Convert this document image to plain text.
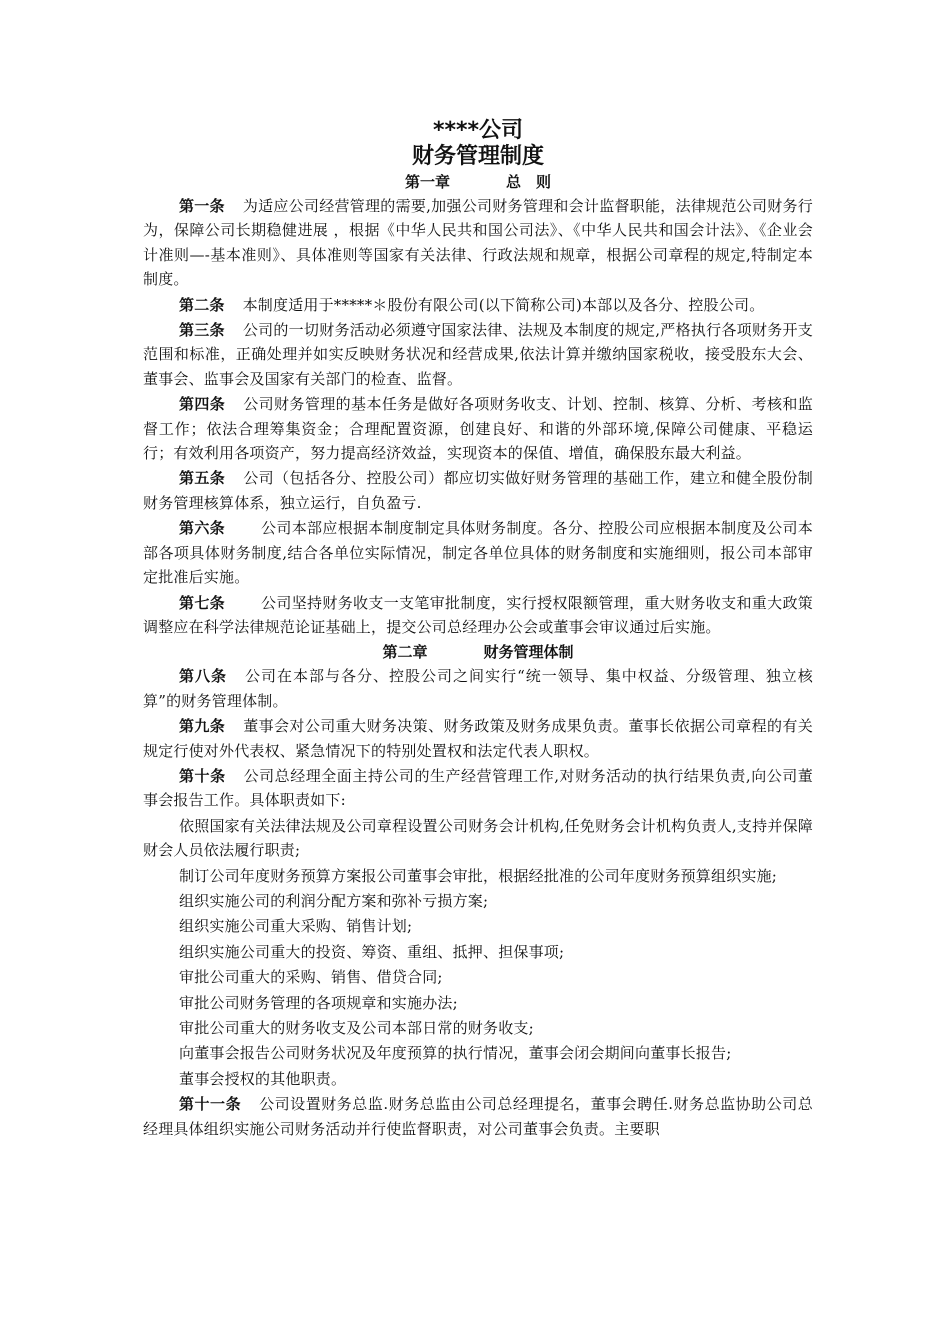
****公司
财务管理制度
第一章	总　则

第一条 为适应公司经营管理的需要,加强公司财务管理和会计监督职能，法律规范公司财务行为，保障公司长期稳健进展 ，根据《中华人民共和国公司法》、《中华人民共和国会计法》、《企业会计准则—-基本准则》、具体准则等国家有关法律、行政法规和规章，根据公司章程的规定,特制定本制度。

第二条 本制度适用于*****＊股份有限公司(以下简称公司)本部以及各分、控股公司。

第三条 公司的一切财务活动必须遵守国家法律、法规及本制度的规定,严格执行各项财务开支范围和标准，正确处理并如实反映财务状况和经营成果,依法计算并缴纳国家税收，接受股东大会、董事会、监事会及国家有关部门的检查、监督。

第四条 公司财务管理的基本任务是做好各项财务收支、计划、控制、核算、分析、考核和监督工作；依法合理筹集资金；合理配置资源，创建良好、和谐的外部环境,保障公司健康、平稳运行；有效利用各项资产，努力提高经济效益，实现资本的保值、增值，确保股东最大利益。

第五条 公司（包括各分、控股公司）都应切实做好财务管理的基础工作，建立和健全股份制财务管理核算体系，独立运行，自负盈亏.

第六条 公司本部应根据本制度制定具体财务制度。各分、控股公司应根据本制度及公司本部各项具体财务制度,结合各单位实际情况，制定各单位具体的财务制度和实施细则，报公司本部审定批准后实施。

第七条 公司坚持财务收支一支笔审批制度，实行授权限额管理，重大财务收支和重大政策调整应在科学法律规范论证基础上，提交公司总经理办公会或董事会审议通过后实施。

第二章	财务管理体制

第八条 公司在本部与各分、控股公司之间实行“统一领导、集中权益、分级管理、独立核算”的财务管理体制。

第九条 董事会对公司重大财务决策、财务政策及财务成果负责。董事长依据公司章程的有关规定行使对外代表权、紧急情况下的特别处置权和法定代表人职权。

第十条 公司总经理全面主持公司的生产经营管理工作,对财务活动的执行结果负责,向公司董事会报告工作。具体职责如下:

依照国家有关法律法规及公司章程设置公司财务会计机构,任免财务会计机构负责人,支持并保障财会人员依法履行职责;

制订公司年度财务预算方案报公司董事会审批，根据经批准的公司年度财务预算组织实施;

组织实施公司的利润分配方案和弥补亏损方案;

组织实施公司重大采购、销售计划;

组织实施公司重大的投资、筹资、重组、抵押、担保事项;

审批公司重大的采购、销售、借贷合同;

审批公司财务管理的各项规章和实施办法;

审批公司重大的财务收支及公司本部日常的财务收支;

向董事会报告公司财务状况及年度预算的执行情况，董事会闭会期间向董事长报告;

董事会授权的其他职责。

第十一条 公司设置财务总监.财务总监由公司总经理提名，董事会聘任.财务总监协助公司总经理具体组织实施公司财务活动并行使监督职责，对公司董事会负责。主要职
